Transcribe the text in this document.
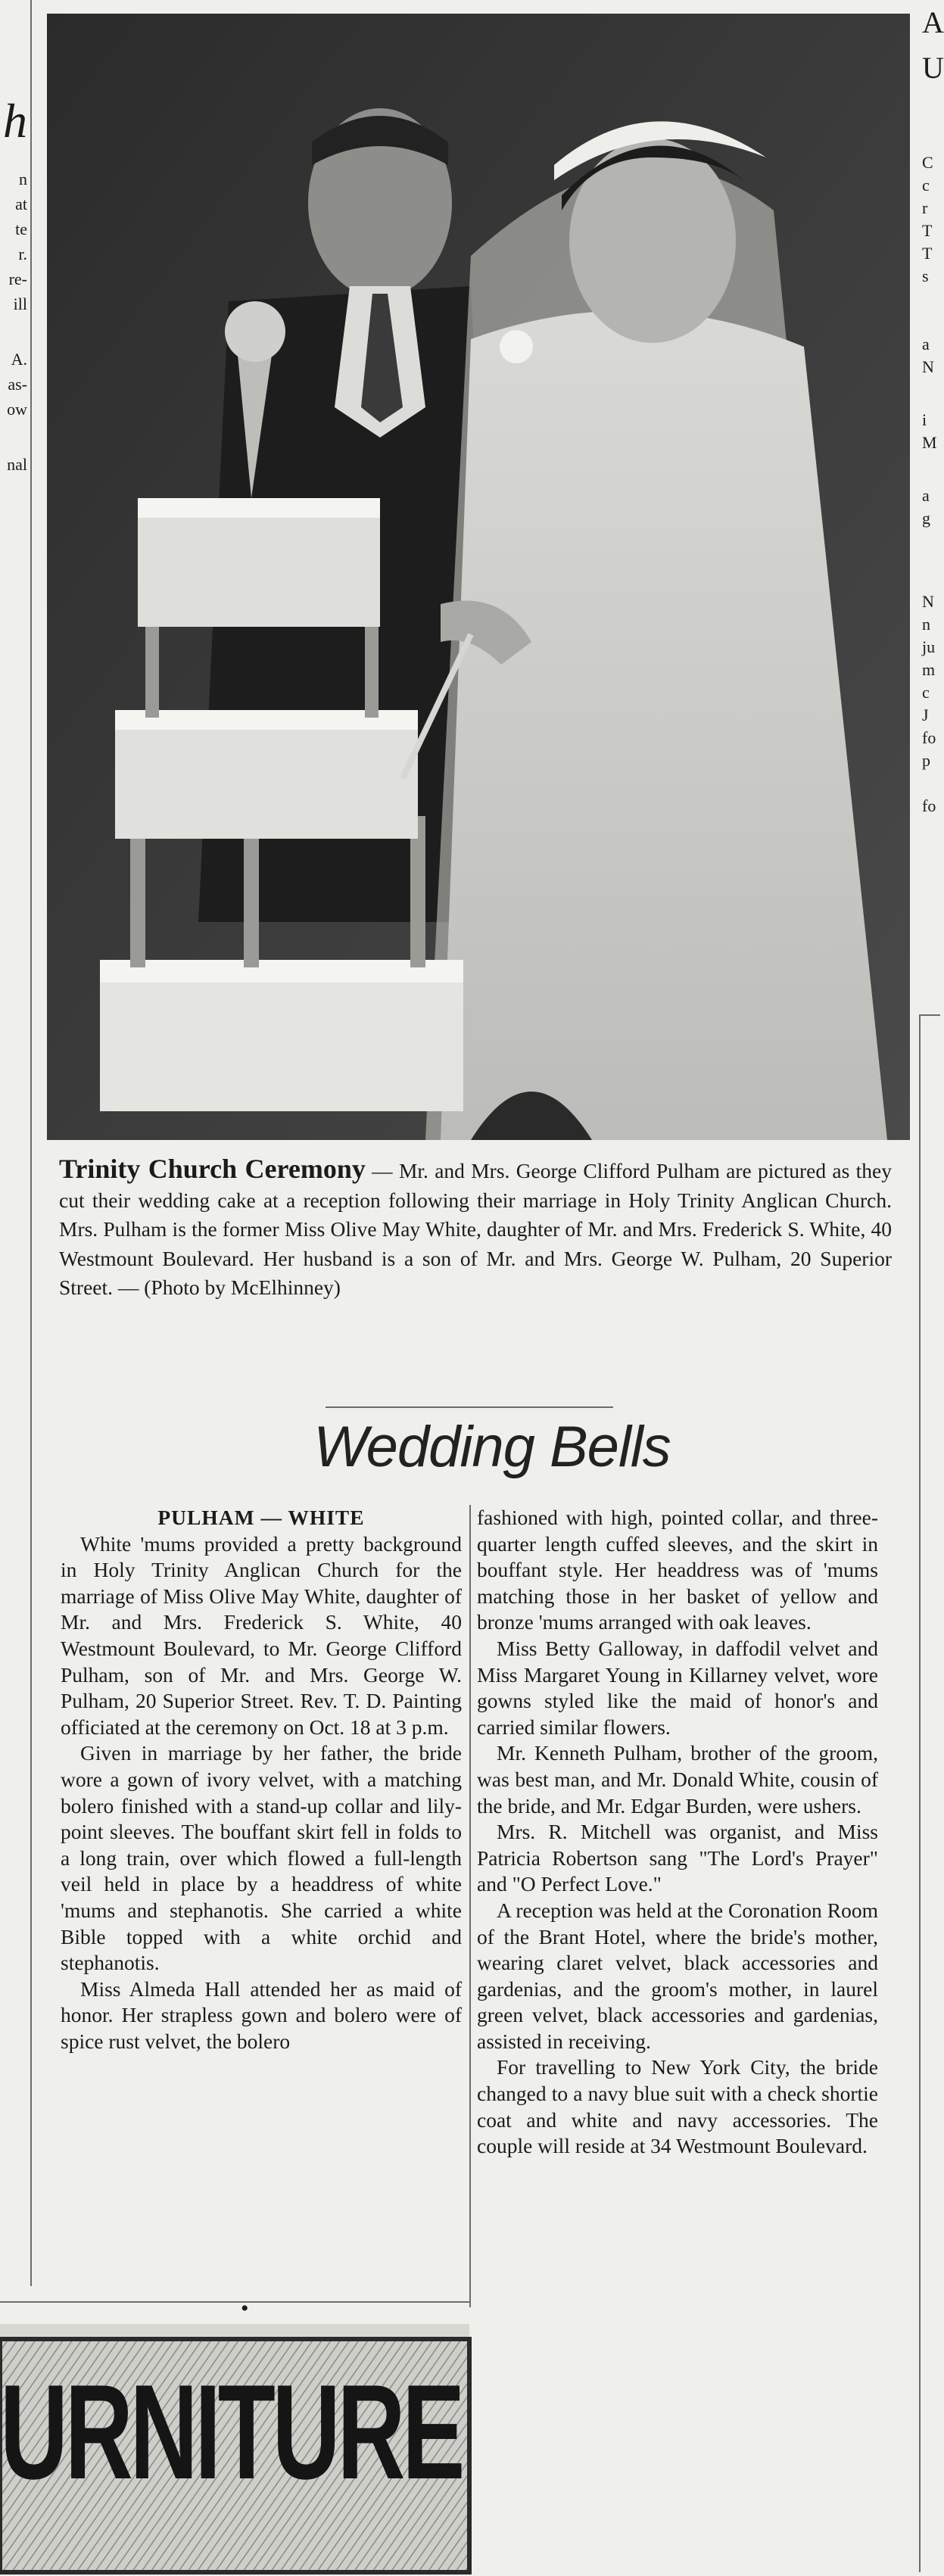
h
n
at
te
r.
re-
ill
A.
as-
ow
nal
A
U
C
c
r
T
T
s
a
N
i
M
a
g
N
n
ju
m
c
J
fo
p
fo
Trinity Church Ceremony — Mr. and Mrs. George Clifford Pulham are pictured as they cut their wedding cake at a reception following their marriage in Holy Trinity Anglican Church. Mrs. Pulham is the former Miss Olive May White, daughter of Mr. and Mrs. Frederick S. White, 40 Westmount Boulevard. Her husband is a son of Mr. and Mrs. George W. Pulham, 20 Superior Street. — (Photo by McElhinney)
Wedding Bells

PULHAM — WHITE

White 'mums provided a pretty background in Holy Trinity Anglican Church for the marriage of Miss Olive May White, daughter of Mr. and Mrs. Frederick S. White, 40 Westmount Boulevard, to Mr. George Clifford Pulham, son of Mr. and Mrs. George W. Pulham, 20 Superior Street. Rev. T. D. Painting officiated at the ceremony on Oct. 18 at 3 p.m.

Given in marriage by her father, the bride wore a gown of ivory velvet, with a matching bolero finished with a stand-up collar and lily-point sleeves. The bouffant skirt fell in folds to a long train, over which flowed a full-length veil held in place by a headdress of white 'mums and stephanotis. She carried a white Bible topped with a white orchid and stephanotis.

Miss Almeda Hall attended her as maid of honor. Her strapless gown and bolero were of spice rust velvet, the bolero

fashioned with high, pointed collar, and three-quarter length cuffed sleeves, and the skirt in bouffant style. Her headdress was of 'mums matching those in her basket of yellow and bronze 'mums arranged with oak leaves.

Miss Betty Galloway, in daffodil velvet and Miss Margaret Young in Killarney velvet, wore gowns styled like the maid of honor's and carried similar flowers.

Mr. Kenneth Pulham, brother of the groom, was best man, and Mr. Donald White, cousin of the bride, and Mr. Edgar Burden, were ushers.

Mrs. R. Mitchell was organist, and Miss Patricia Robertson sang "The Lord's Prayer" and "O Perfect Love."

A reception was held at the Coronation Room of the Brant Hotel, where the bride's mother, wearing claret velvet, black accessories and gardenias, and the groom's mother, in laurel green velvet, black accessories and gardenias, assisted in receiving.

For travelling to New York City, the bride changed to a navy blue suit with a check shortie coat and white and navy accessories. The couple will reside at 34 Westmount Boulevard.

•
URNITURE
